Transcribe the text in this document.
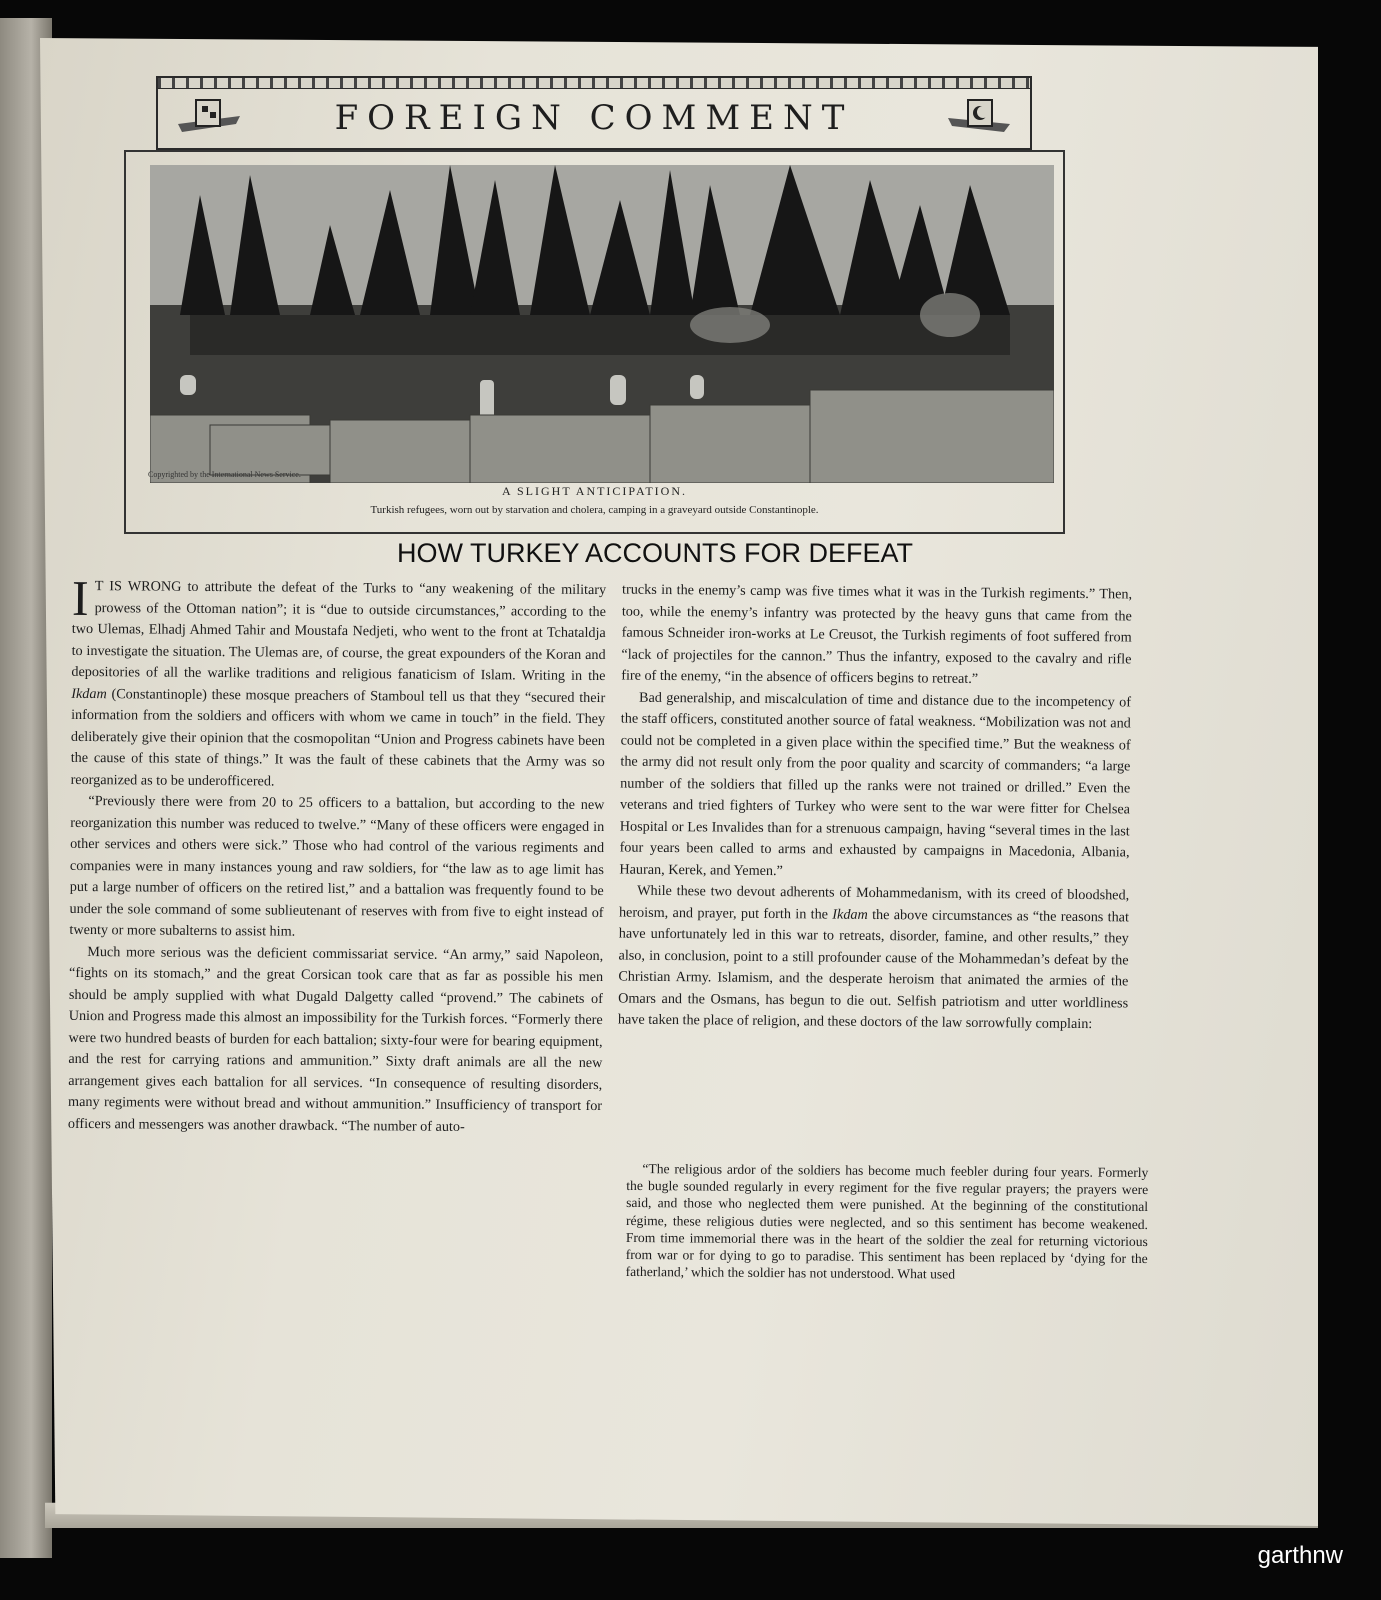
FOREIGN COMMENT
Copyrighted by the International News Service.
A SLIGHT ANTICIPATION.
Turkish refugees, worn out by starvation and cholera, camping in a graveyard outside Constantinople.
HOW TURKEY ACCOUNTS FOR DEFEAT

I T IS WRONG to attribute the defeat of the Turks to “any weakening of the military prowess of the Ottoman nation”; it is “due to outside circumstances,” according to the two Ulemas, Elhadj Ahmed Tahir and Moustafa Nedjeti, who went to the front at Tchataldja to investigate the situation. The Ulemas are, of course, the great expounders of the Koran and depositories of all the warlike traditions and religious fanaticism of Islam. Writing in the Ikdam (Constantinople) these mosque preachers of Stamboul tell us that they “secured their information from the soldiers and officers with whom we came in touch” in the field. They deliberately give their opinion that the cosmopolitan “Union and Progress cabinets have been the cause of this state of things.” It was the fault of these cabinets that the Army was so reorganized as to be underofficered.

“Previously there were from 20 to 25 officers to a battalion, but according to the new reorganization this number was reduced to twelve.” “Many of these officers were engaged in other services and others were sick.” Those who had control of the various regiments and companies were in many instances young and raw soldiers, for “the law as to age limit has put a large number of officers on the retired list,” and a battalion was frequently found to be under the sole command of some sublieutenant of reserves with from five to eight instead of twenty or more subalterns to assist him.

Much more serious was the deficient commissariat service. “An army,” said Napoleon, “fights on its stomach,” and the great Corsican took care that as far as possible his men should be amply supplied with what Dugald Dalgetty called “provend.” The cabinets of Union and Progress made this almost an impossibility for the Turkish forces. “Formerly there were two hundred beasts of burden for each battalion; sixty-four were for bearing equipment, and the rest for carrying rations and ammunition.” Sixty draft animals are all the new arrangement gives each battalion for all services. “In consequence of resulting disorders, many regiments were without bread and without ammunition.” Insufficiency of transport for officers and messengers was another drawback. “The number of auto-

trucks in the enemy’s camp was five times what it was in the Turkish regiments.” Then, too, while the enemy’s infantry was protected by the heavy guns that came from the famous Schneider iron-works at Le Creusot, the Turkish regiments of foot suffered from “lack of projectiles for the cannon.” Thus the infantry, exposed to the cavalry and rifle fire of the enemy, “in the absence of officers begins to retreat.”

Bad generalship, and miscalculation of time and distance due to the incompetency of the staff officers, constituted another source of fatal weakness. “Mobilization was not and could not be completed in a given place within the specified time.” But the weakness of the army did not result only from the poor quality and scarcity of commanders; “a large number of the soldiers that filled up the ranks were not trained or drilled.” Even the veterans and tried fighters of Turkey who were sent to the war were fitter for Chelsea Hospital or Les Invalides than for a strenuous campaign, having “several times in the last four years been called to arms and exhausted by campaigns in Macedonia, Albania, Hauran, Kerek, and Yemen.”

While these two devout adherents of Mohammedanism, with its creed of bloodshed, heroism, and prayer, put forth in the Ikdam the above circumstances as “the reasons that have unfortunately led in this war to retreats, disorder, famine, and other results,” they also, in conclusion, point to a still profounder cause of the Mohammedan’s defeat by the Christian Army. Islamism, and the desperate heroism that animated the armies of the Omars and the Osmans, has begun to die out. Selfish patriotism and utter worldliness have taken the place of religion, and these doctors of the law sorrowfully complain:

“The religious ardor of the soldiers has become much feebler during four years. Formerly the bugle sounded regularly in every regiment for the five regular prayers; the prayers were said, and those who neglected them were punished. At the beginning of the constitutional régime, these religious duties were neglected, and so this sentiment has become weakened. From time immemorial there was in the heart of the soldier the zeal for returning victorious from war or for dying to go to paradise. This sentiment has been replaced by ‘dying for the fatherland,’ which the soldier has not understood. What used

garthnw
